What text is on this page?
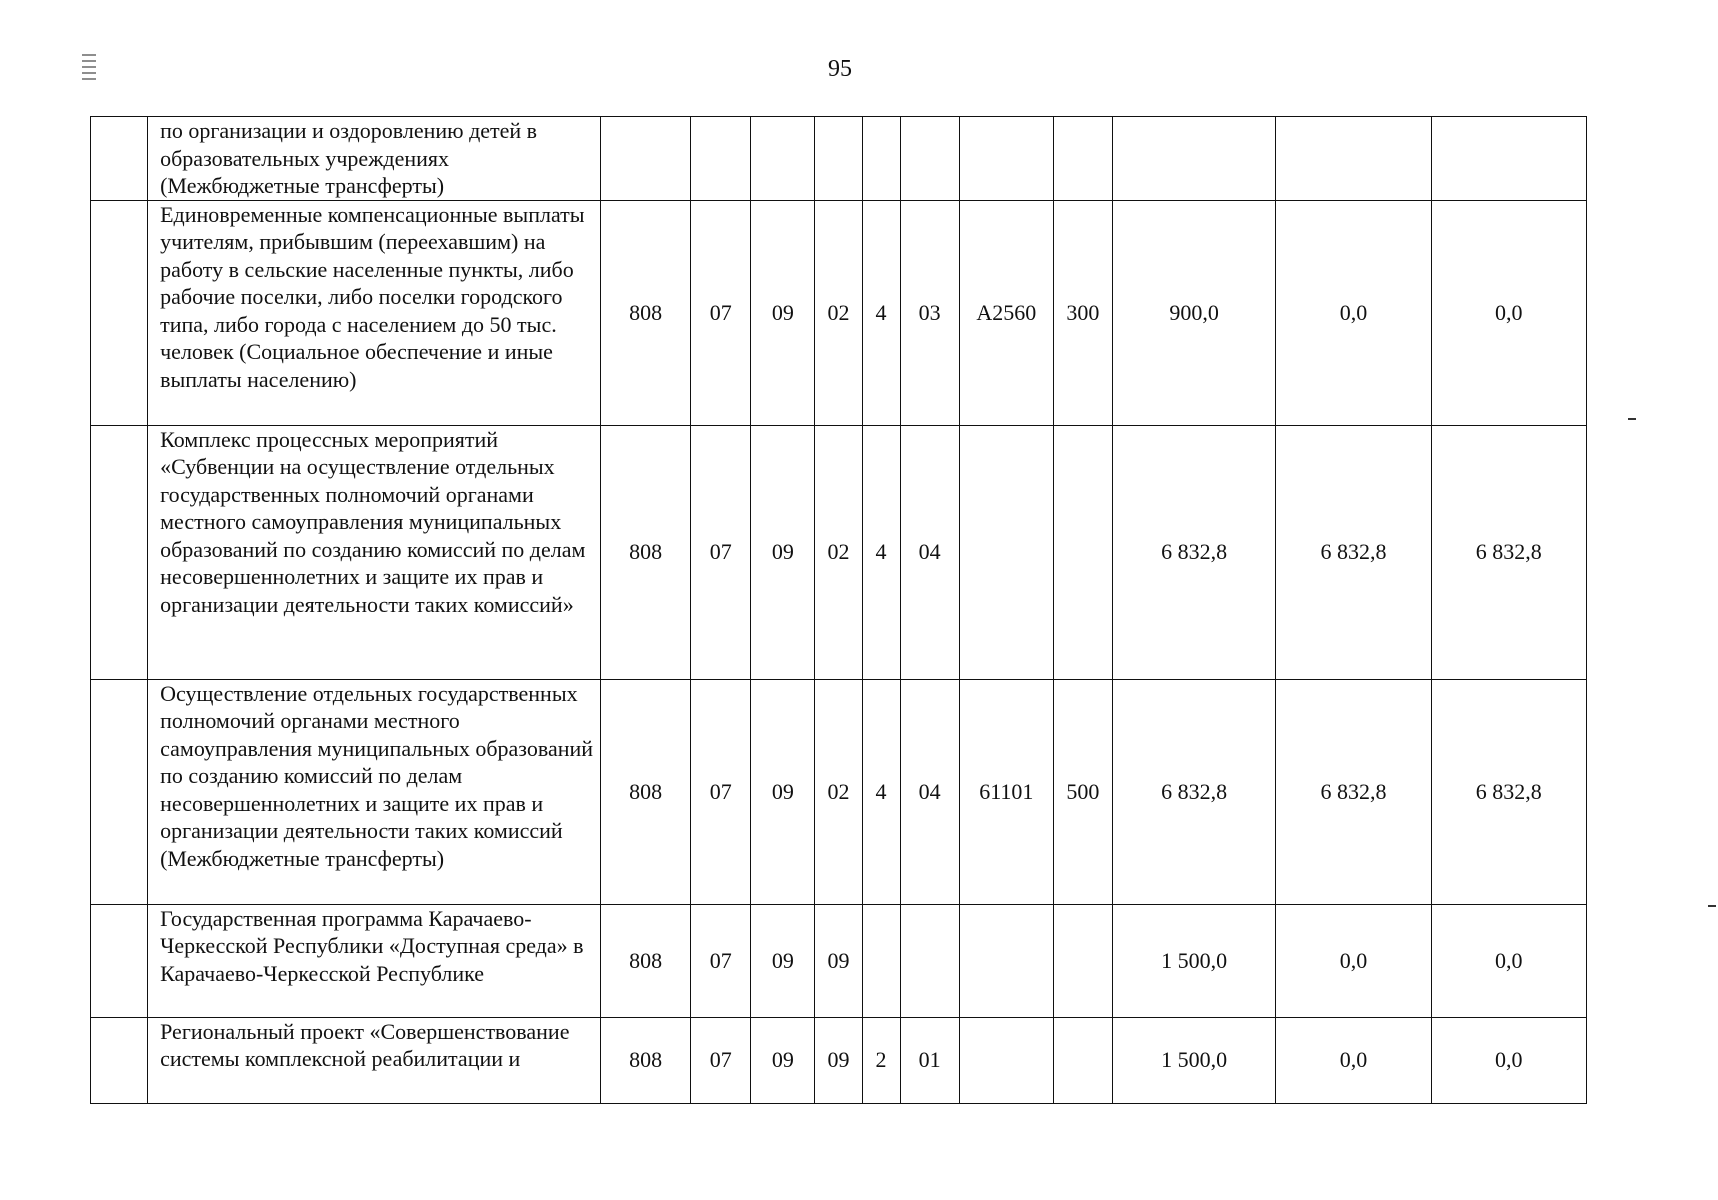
95
	по организации и оздоровлению детей в образовательных учреждениях (Межбюджетные трансферты)											
	Единовременные компенсационные выплаты учителям, прибывшим (переехавшим) на работу в сельские населенные пункты, либо рабочие поселки, либо поселки городского типа, либо города с населением до 50 тыс. человек (Социальное обеспечение и иные выплаты населению)	808	07	09	02	4	03	А2560	300	900,0	0,0	0,0
	Комплекс процессных мероприятий «Субвенции на осуществление отдельных государственных полномочий органами местного самоуправления муниципальных образований по созданию комиссий по делам несовершеннолетних и защите их прав и организации деятельности таких комиссий»	808	07	09	02	4	04			6 832,8	6 832,8	6 832,8
	Осуществление отдельных государственных полномочий органами местного самоуправления муниципальных образований по созданию комиссий по делам несовершеннолетних и защите их прав и организации деятельности таких комиссий (Межбюджетные трансферты)	808	07	09	02	4	04	61101	500	6 832,8	6 832,8	6 832,8
	Государственная программа Карачаево-Черкесской Республики «Доступная среда» в Карачаево-Черкесской Республике	808	07	09	09					1 500,0	0,0	0,0
	Региональный проект «Совершенствование системы комплексной реабилитации и	808	07	09	09	2	01			1 500,0	0,0	0,0
